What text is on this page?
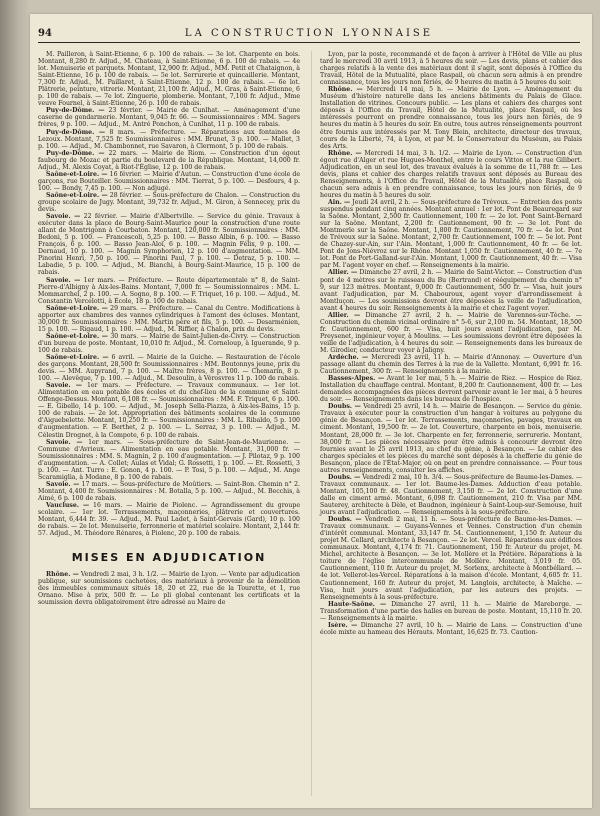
94	LA CONSTRUCTION LYONNAISE

M. Pailleron, à Saint-Etienne, 6 p. 100 de rabais. — 3e lot. Charpente en bois. Montant, 8,280 fr. Adjud., M. Chateau, à Saint-Etienne, 6 p. 100 de rabais. — 4e lot. Menuiserie et parquets. Montant, 12,900 fr. Adjud., MM. Petit et Chataignon, à Saint-Etienne, 16 p. 100 de rabais. — 5e lot. Serrurerie et quincaillerie. Montant, 7,300 fr. Adjud., M. Paillaret, à Saint-Etienne, 12 p. 100 de rabais. — 6e lot. Plâtrerie, peinture, vitrerie. Montant, 21,100 fr. Adjud., M. Gras, à Saint-Etienne, 6 p. 100 de rabais. — 7e lot. Zinguerie, plomberie. Montant, 7,100 fr. Adjud., Mme veuve Fournel, à Saint-Etienne, 26 p. 100 de rabais.

Puy-de-Dôme. — 23 février. — Mairie de Cunlhat. — Aménagement d'une caserne de gendarmerie. Montant, 9,045 fr. 66. — Soumissionnaires : MM. Sagers frères, 9 p. 100. — Adjud., M. Antré Ponchon, à Cunlhat, 11 p. 100 de rabais.

Puy-de-Dôme. — 8 mars. — Préfecture. — Réparations aux fontaines de Lezoux. Montant, 7,525 fr. Soumissionnaires : MM. Brunet, 3 p. 100. — Mallet, 3 p. 100. — Adjud., M. Chambonnet, rue Savaron, à Clermont, 5 p. 100 de rabais.

Puy-de-Dôme. — 22 mars. — Mairie de Riom. — Construction d'un égout faubourg de Mozac et partie du boulevard de la République. Montant, 14,000 fr. Adjud., M. Alexis Coyat, à Riot-l'Église, 12 p. 100 de rabais.

Saône-et-Loire. — 16 février. — Mairie d'Autun. — Construction d'une école de garçons, rue Bouteiller. Soumissionnaires : MM. Tierrat, 5 p. 100. — Desfours, 4 p. 100. — Bondy, 7,45 p. 100. — Non adjugé.

Saône-et-Loire. — 28 février. — Sous-préfecture de Chalon. — Construction du groupe scolaire de Jugy. Montant, 39,732 fr. Adjud., M. Giron, à Sennecey, prix du devis.

Savoie. — 22 février. — Mairie d'Albertville. — Service du génie. Travaux à exécuter dans la place de Bourg-Saint-Maurice pour la construction d'une route allant de Montrigonn à Courbaton. Montant, 120,000 fr. Soumissionnaires : MM. Bedoni, 5 p. 100. — Francescoli, 5,25 p. 100. — Basso Albin, 6 p. 100. — Basso François, 6 p. 100. — Basso Jean-Aloï, 6 p. 100. — Magnin Félix, 9 p. 100. — Dernaud, 10 p. 100. — Magnin Symphorien, 12 p. 100 d'augmentation. — MM. Pinorini Henri, 7,50 p. 100. — Pinorini Paul, 7 p. 100. — Detraz, 5 p. 100. — Labadie, 5 p. 100. — Adjud., M. Bianchi, à Bourg-Saint-Maurice, 15 p. 100 de rabais.

Savoie. — 1er mars. — Préfecture. — Route départementale n° 8, de Saint-Pierre-d'Albigny à Aix-les-Bains. Montant, 7,000 fr. — Soumissionnaires : MM. L. Mommarchel, 2 p. 100. — A. Sogno, 8 p. 100. — F. Triquet, 16 p. 100. — Adjud., M. Constantin Vercelotti, à École, 18 p. 100 de rabais.

Saône-et-Loire. — 29 mars. — Préfecture. — Canal du Centre. Modifications à apporter aux chambres des vannes cylindriques à l'amont des écluses. Montant, 30,000 fr. Soumissionnaires : MM. Martin père et fils, 5 p. 100. — Desarménien, 15 p. 100. — Rigaud, 1 p. 100. — Adjud., M. Riffier, à Chalon, prix du devis.

Saône-et-Loire. — 30 mars. — Mairie de Saint-Julien-de-Civry. — Construction d'un bureau de poste. Montant, 10,010 fr. Adjud., M. Corneloup, à Iguerande, 9 p. 100 de rabais.

Saône-et-Loire. — 6 avril. — Mairie de la Guiche. — Restauration de l'école des garçons. Montant, 28,500 fr. Soumissionnaires : MM. Boutonnys jeune, prix du devis. — MM. Aupyrand, 7 p. 100. — Maître frères, 8 p. 100. — Chemarin, 8 p. 100. — Alevêque, 7 p. 100. — Adjud., M. Desoulin, à Vérosvres 11 p. 100 de rabais.

Savoie. — 1er mars. — Préfecture. — Travaux communaux. — 1er lot. Alimentation en eau potable des écoles et du chef-lieu de la commune et Saint-Offenge-Dessus. Montant, 6,108 fr. — Soumissionnaires : MM. F. Triquet, 6 p. 100. — E. Gibello, 14 p. 100. — Adjud., M. Joseph Sella-Piazza, à Aix-les-Bains, 15 p. 100 de rabais. — 2e lot. Appropriation des bâtiments scolaires de la commune d'Aiguebelette. Montant, 10,250 fr. — Soumissionnaires : MM. L. Ribaldo, 5 p. 100 d'augmentation. — F. Berthet, 2 p. 100. — L. Serraz, 3 p. 100. — Adjud., M. Célestin Drognet, à la Compote, 6 p. 100 de rabais.

Savoie. — 1er mars. — Sous-préfecture de Saint-Jean-de-Maurienne. — Commune d'Avrieux. — Alimentation en eau potable. Montant, 31,000 fr. — Soumissionnaires : MM. S. Magnin, 2 p. 100 d'augmentation. — J. Pilotaz, 9 p. 100 d'augmentation. — A. Collet; Aulas et Vidal; G. Rossetti, 1 p. 100. — Et. Rossetti, 3 p. 100. — Ant. Turro : E. Gonon, 4 p. 100. — P. Tosi, 5 p. 100. — Adjud., M. Ange Scaramiglia, à Modane, 8 p. 100 de rabais.

Savoie. — 17 mars. — Sous-préfecture de Moûtiers. — Saint-Bon. Chemin n° 2. Montant, 4,400 fr. Soumissionnaires : M. Botalla, 5 p. 100. — Adjud., M. Becchis, à Aimé, 6 p. 100 de rabais.

Vaucluse. — 16 mars. — Mairie de Piolenc. — Agrandissement du groupe scolaire. — 1er lot. Terrassements, maçonneries, plâtrerie et couvertures. Montant, 6,444 fr. 39. — Adjud., M. Paul Ladet, à Saint-Gervais (Gard), 10 p. 100 de rabais. — 2e lot. Menuiserie, ferronnerie et matériel scolaire. Montant, 2,144 fr. 57. Adjud., M. Théodore Rénares, à Piolenc, 20 p. 100 de rabais.

MISES EN ADJUDICATION

Rhône. — Vendredi 2 mai, 3 h. 1/2. — Mairie de Lyon. — Vente par adjudication publique, sur soumissions cachetées, des matériaux à provenir de la démolition des immeubles communaux situés 18, 20 et 22, rue de la Tourette, et 1, rue Ornano. Mise à prix, 500 fr. — Le pli global contenant les certificats et la soumission devra obligatoirement être adressé au Maire de

Lyon, par la poste, recommandé et de façon à arriver à l'Hôtel de Ville au plus tard le mercredi 30 avril 1913, à 5 heures du soir. — Les devis, plans et cahier des charges relatifs à la vente des matériaux dont il s'agit, sont déposés à l'Office du Travail, Hôtel de la Mutualité, place Raspail, où chacun sera admis à en prendre connaissance, tous les jours non fériés, de 9 heures du matin à 5 heures du soir.

Rhône. — Mercredi 14 mai, 5 h. — Mairie de Lyon. — Aménagement du Muséum d'histoire naturelle dans les anciens bâtiments du Palais de Glace. Installation de vitrines. Concours public. — Les plans et cahiers des charges sont déposés à l'Office du Travail, Hôtel de la Mutualité, place Raspail, où les intéressés pourront en prendre connaissance, tous les jours non fériés, de 9 heures du matin à 5 heures du soir. En outre, tous autres renseignements pourront être fournis aux intéressés par M. Tony Blein, architecte, directeur des travaux, cours de la Liberté, 74, à Lyon, et par M. le Conservateur du Muséum, au Palais des Arts.

Rhône. — Mercredi 14 mai, 3 h. 1/2. — Mairie de Lyon. — Construction d'un égout rue d'Alger et rue Hugues-Monthel, entre le cours Vitton et la rue Gilibert. Adjudication, en un seul lot, des travaux évalués à la somme de 11,788 fr. — Les devis, plans et cahier des charges relatifs travaux sont déposés au Bureau des Renseignements, à l'Office du Travail, Hôtel de la Mutualité, place Raspail, où chacun sera admis à en prendre connaissance, tous les jours non fériés, de 9 heures du matin à 5 heures du soir.

Ain. — Jeudi 24 avril, 2 h. — Sous-préfecture de Trévoux. — Entretien des ponts suspendus pendant cinq années. Montant annuel : 1er lot. Pont de Beauregard sur la Saône. Montant, 2,500 fr. Cautionnement, 100 fr. — 2e lot. Pont Saint-Bernard sur la Saône. Montant, 2,200 fr. Cautionnement, 90 fr. — 3e lot. Pont de Montmerle sur la Saône. Montant, 1,800 fr. Cautionnement, 70 fr. — 4e lot. Pont de Trévoux sur la Saône. Montant, 2,700 fr. Cautionnement, 100 fr. — 5e lot. Pont de Chazey-sur-Ain, sur l'Ain. Montant, 1,000 fr. Cautionnement, 40 fr. — 6e lot. Pont de Jons-Niévroz sur le Rhône. Montant 1,050 fr. Cautionnement, 40 fr. — 7e lot. Pont de Port-Galland-sur-l'Ain. Montant, 1,000 fr. Cautionnement, 40 fr. — Visa par M. l'agent voyer en chef. — Renseignements à la mairie.

Allier. — Dimanche 27 avril, 2 h. — Mairie de Saint-Victor. — Construction d'un pont de 4 mètres sur le ruisseau du Bu (Bertrand) et rééquipement du chemin n° 9, sur 123 mètres. Montant, 9,000 fr. Cautionnement, 500 fr. — Visa, huit jours avant l'adjudication, par M. Chabouroux, agent voyer d'arrondissement à Montluçon. — Les soumissions devront être déposées la veille de l'adjudication, avant 4 heures du soir. Renseignements à la mairie et chez l'agent voyer.

Allier. — Dimanche 27 avril, 2 h. — Mairie de Varennes-sur-Tèche. — Construction du chemin vicinal ordinaire n° 5-6, sur 2,100 m. 54. Montant, 18,500 fr. Cautionnement, 600 fr. — Visa, huit jours avant l'adjudication, par M. Preysenet, ingénieur voyer, à Moulins. — Les soumissions devront être déposées la veille de l'adjudication, à 4 heures du soir. — Renseignements dans les bureaux de M. Girodier, conducteur voyer à Jaligny.

Ardèche. — Mercredi 23 avril, 11 h. — Mairie d'Annonay. — Ouverture d'un passage allant du chemin des Terres à la rue de la Vallette. Montant, 6,991 fr. 16. Cautionnement, 300 fr. — Renseignements à la mairie.

Basses-Alpes. — Avant le 1er mai, 5 h. — Mairie de Riez. — Hospice de Riez. Installation du chauffage central. Montant, 8,200 fr. Cautionnement, 400 fr. — Les demandes accompagnées des pièces devront parvenir avant le 1er mai, à 5 heures du soir. — Renseignements dans les bureaux de l'hospice.

Doubs. — Vendredi 25 avril, 14 h. — Mairie de Besançon. — Service du génie. Travaux à exécuter pour la construction d'un hangar à voitures au polygone du génie de Besançon. — 1er lot. Terrassements, maçonneries, pavages, travaux en ciment. Montant, 19,500 fr. — 2e lot. Couverture, charpente en bois, menuiserie. Montant, 28,000 fr. — 3e lot. Charpente en fer, ferronnerie, serrurerie. Montant, 38,000 fr. — Les pièces nécessaires pour être admis à concourir devront être fournies avant le 25 avril 1913, au chef du génie, à Besançon. — Le cahier des charges spéciales et les pièces du marché sont déposés à la chefferie du génie de Besançon, place de l'État-Major, où on peut en prendre connaissance. — Pour tous autres renseignements, consulter les affiches.

Doubs. — Vendredi 2 mai, 10 h. 3/4. — Sous-préfecture de Baume-les-Dames. — Travaux communaux. — 1er lot. Baume-les-Dames. Adduction d'eau potable. Montant, 105,100 fr. 48. Cautionnement, 3,150 fr. — 2e lot. Construction d'une dalle en ciment armé. Montant, 6,098 fr. Cautionnement, 210 fr. Visa par MM. Sauterey, architecte à Dèle, et Baudnon, ingénieur à Saint-Loup-sur-Semouse, huit jours avant l'adjudication. — Renseignements à la sous-préfecture.

Doubs. — Vendredi 2 mai, 11 h. — Sous-préfecture de Baume-les-Dames. — Travaux communaux. — Guyans-Vennes et Vennes. Construction d'un chemin d'intérêt communal. Montant, 33,147 fr. 54. Cautionnement, 1,150 fr. Auteur du projet M. Cellard, architecte à Besançon. — 2e lot. Vercel. Réparations aux édifices communaux. Montant, 4,174 fr. 71. Cautionnement, 150 fr. Auteur du projet, M. Michel, architecte à Besançon. — 3e lot. Mollère et la Prétière. Réparations à la toiture de l'église intercommunale de Mollère. Montant, 3,019 fr. 05. Cautionnement, 110 fr. Auteur du projet, M. Sorlenx, architecte à Montbéliard. — 4e lot. Vellerot-les-Vercel. Réparations à la maison d'école. Montant, 4,605 fr. 11. Cautionnement, 160 fr. Auteur du projet, M. Langlois, architecte, à Maîche. — Visa, huit jours avant l'adjudication, par les auteurs des projets. — Renseignements à la sous-préfecture.

Haute-Saône. — Dimanche 27 avril, 11 h. — Mairie de Mareborge. — Transformation d'une partie des halles en bureau de poste. Montant, 15,110 fr. 20. — Renseignements à la mairie.

Isère. — Dimanche 27 avril, 10 h. — Mairie de Lans. — Construction d'une école mixte au hameau des Hérauts. Montant, 16,625 fr. 73. Caution-
